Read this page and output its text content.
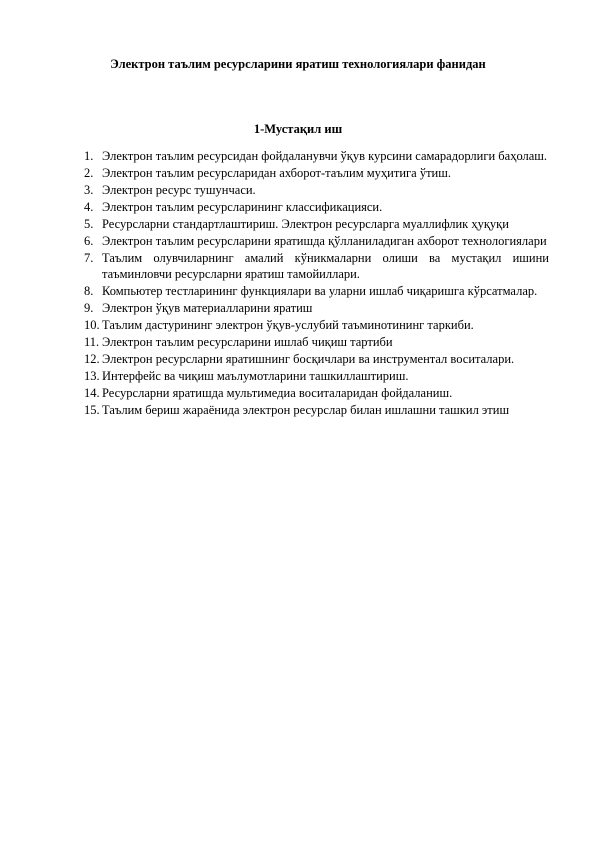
Электрон таълим ресурсларини яратиш технологиялари фанидан
1-Мустақил иш
1. Электрон таълим ресурсидан фойдаланувчи ўқув курсини самарадорлиги баҳолаш.
2. Электрон таълим ресурсларидан ахборот-таълим муҳитига ўтиш.
3. Электрон ресурс тушунчаси.
4. Электрон таълим ресурсларининг классификацияси.
5. Ресурсларни стандартлаштириш. Электрон ресурсларга муаллифлик ҳуқуқи
6. Электрон таълим ресурсларини яратишда қўлланиладиган ахборот технологиялари
7. Таълим олувчиларнинг амалий кўникмаларни олиши ва мустақил ишини таъминловчи ресурсларни яратиш тамойиллари.
8. Компьютер тестларининг функциялари ва уларни ишлаб чиқаришга кўрсатмалар.
9. Электрон ўқув материалларини яратиш
10. Таълим дастурининг электрон ўқув-услубий таъминотининг таркиби.
11. Электрон таълим ресурсларини ишлаб чиқиш тартиби
12. Электрон ресурсларни яратишнинг босқичлари ва инструментал воситалари.
13. Интерфейс ва чиқиш маълумотларини ташкиллаштириш.
14. Ресурсларни яратишда мультимедиа воситаларидан фойдаланиш.
15. Таълим бериш жараёнида электрон ресурслар билан ишлашни ташкил этиш
